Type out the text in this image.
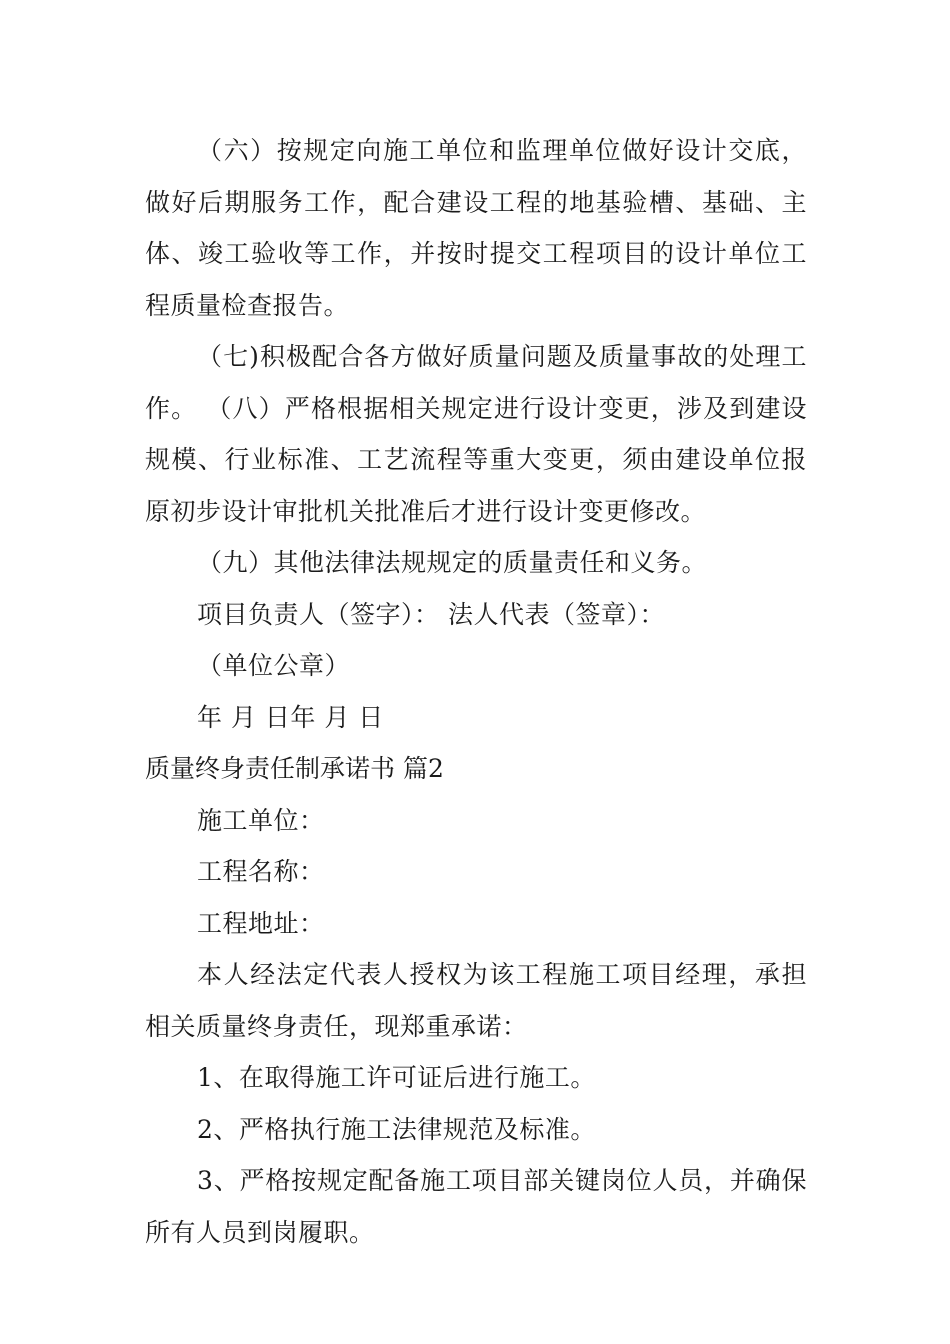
（六）按规定向施工单位和监理单位做好设计交底，做好后期服务工作，配合建设工程的地基验槽、基础、主体、竣工验收等工作，并按时提交工程项目的设计单位工程质量检查报告。

（七)积极配合各方做好质量问题及质量事故的处理工作。 （八）严格根据相关规定进行设计变更，涉及到建设规模、行业标准、工艺流程等重大变更，须由建设单位报原初步设计审批机关批准后才进行设计变更修改。

（九）其他法律法规规定的质量责任和义务。

项目负责人（签字）： 法人代表（签章）：

（单位公章）

年 月 日年 月 日

质量终身责任制承诺书 篇2

施工单位：

工程名称：

工程地址：

本人经法定代表人授权为该工程施工项目经理，承担相关质量终身责任，现郑重承诺：

1、在取得施工许可证后进行施工。

2、严格执行施工法律规范及标准。

3、严格按规定配备施工项目部关键岗位人员，并确保所有人员到岗履职。
